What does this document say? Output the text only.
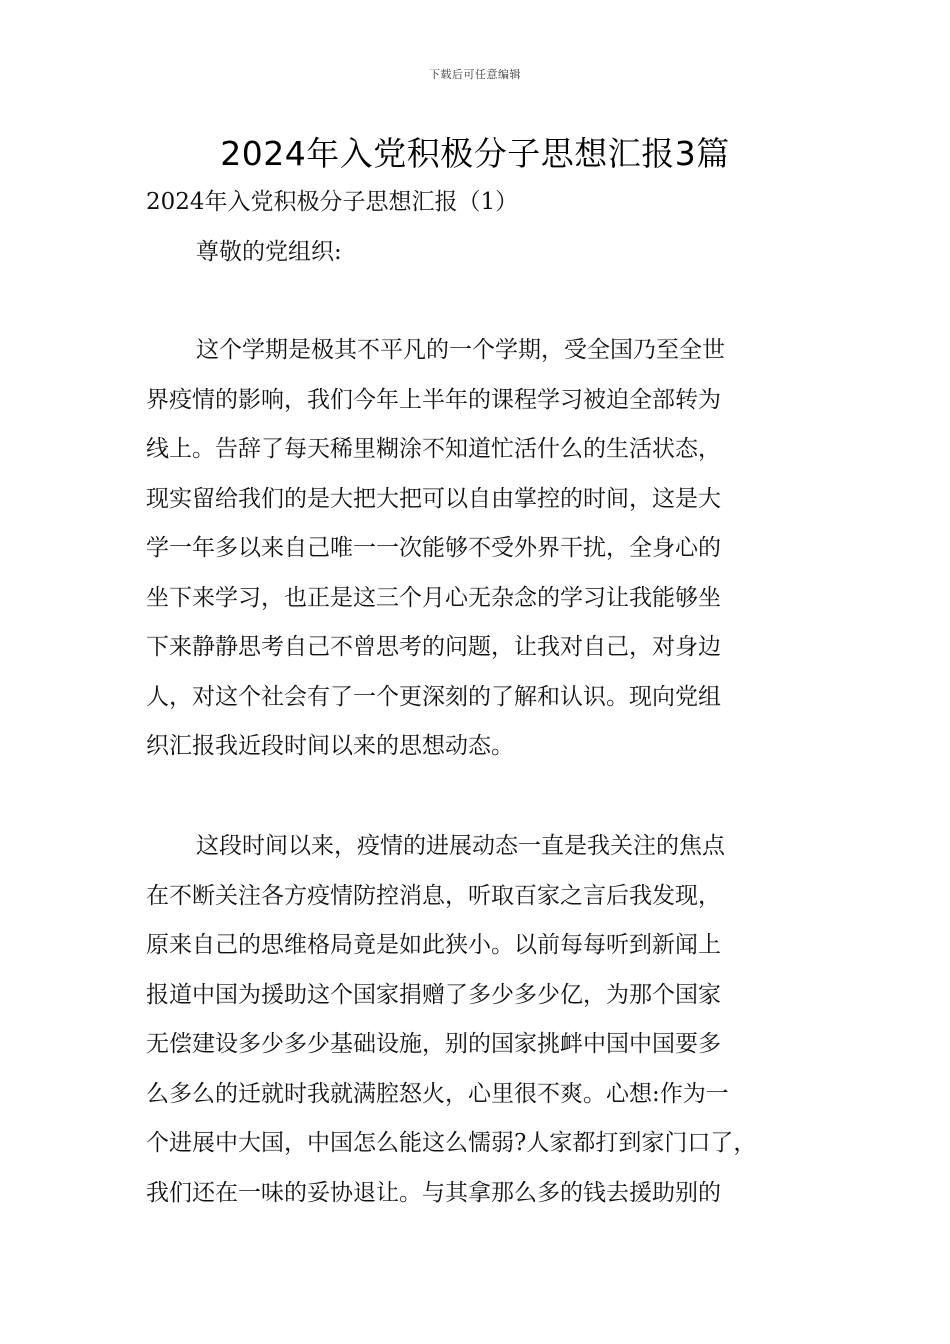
下载后可任意编辑
2024年入党积极分子思想汇报3篇
2024年入党积极分子思想汇报（1）

尊敬的党组织:

这个学期是极其不平凡的一个学期，受全国乃至全世
界疫情的影响，我们今年上半年的课程学习被迫全部转为
线上。告辞了每天稀里糊涂不知道忙活什么的生活状态，
现实留给我们的是大把大把可以自由掌控的时间，这是大
学一年多以来自己唯一一次能够不受外界干扰，全身心的
坐下来学习，也正是这三个月心无杂念的学习让我能够坐
下来静静思考自己不曾思考的问题，让我对自己，对身边
人，对这个社会有了一个更深刻的了解和认识。现向党组
织汇报我近段时间以来的思想动态。

这段时间以来，疫情的进展动态一直是我关注的焦点
在不断关注各方疫情防控消息，听取百家之言后我发现，
原来自己的思维格局竟是如此狭小。以前每每听到新闻上
报道中国为援助这个国家捐赠了多少多少亿，为那个国家
无偿建设多少多少基础设施，别的国家挑衅中国中国要多
么多么的迁就时我就满腔怒火，心里很不爽。心想:作为一
个进展中大国，中国怎么能这么懦弱?人家都打到家门口了，
我们还在一味的妥协退让。与其拿那么多的钱去援助别的
